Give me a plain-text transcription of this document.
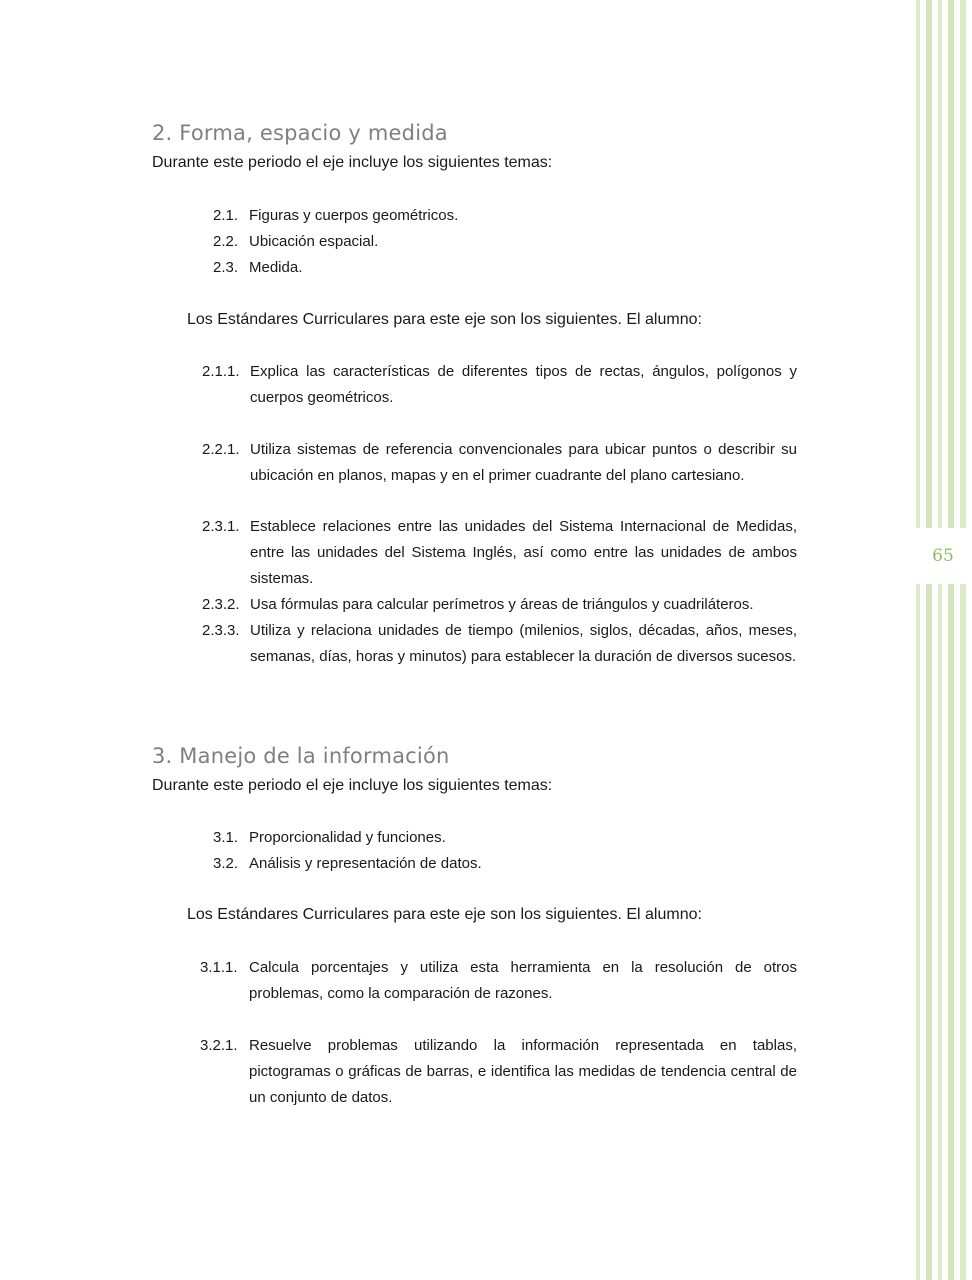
65
2. Forma, espacio y medida

Durante este periodo el eje incluye los siguientes temas:

2.1. Figuras y cuerpos geométricos.
2.2. Ubicación espacial.
2.3. Medida.

Los Estándares Curriculares para este eje son los siguientes. El alumno:

2.1.1. Explica las características de diferentes tipos de rectas, ángulos, polígonos y cuerpos geométricos.
2.2.1. Utiliza sistemas de referencia convencionales para ubicar puntos o describir su ubicación en planos, mapas y en el primer cuadrante del plano cartesiano.
2.3.1. Establece relaciones entre las unidades del Sistema Internacional de Medidas, entre las unidades del Sistema Inglés, así como entre las unidades de ambos sistemas.
2.3.2. Usa fórmulas para calcular perímetros y áreas de triángulos y cuadriláteros.
2.3.3. Utiliza y relaciona unidades de tiempo (milenios, siglos, décadas, años, meses, semanas, días, horas y minutos) para establecer la duración de diversos sucesos.
3. Manejo de la información

Durante este periodo el eje incluye los siguientes temas:

3.1. Proporcionalidad y funciones.
3.2. Análisis y representación de datos.

Los Estándares Curriculares para este eje son los siguientes. El alumno:

3.1.1. Calcula porcentajes y utiliza esta herramienta en la resolución de otros problemas, como la comparación de razones.
3.2.1. Resuelve problemas utilizando la información representada en tablas, pictogramas o gráficas de barras, e identifica las medidas de tendencia central de un conjunto de datos.
